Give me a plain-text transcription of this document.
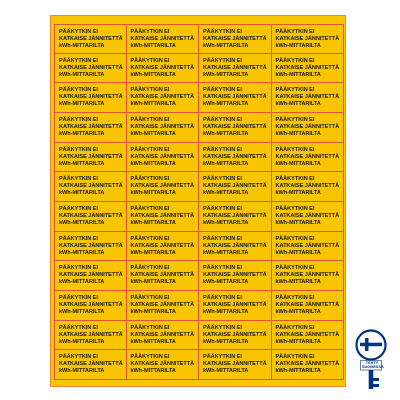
PÄÄKYTKIN EI
KATKAISE JÄNNITETTÄ
kWh-MITTARILTA
PÄÄKYTKIN EI
KATKAISE JÄNNITETTÄ
kWh-MITTARILTA
PÄÄKYTKIN EI
KATKAISE JÄNNITETTÄ
kWh-MITTARILTA
PÄÄKYTKIN EI
KATKAISE JÄNNITETTÄ
kWh-MITTARILTA
PÄÄKYTKIN EI
KATKAISE JÄNNITETTÄ
kWh-MITTARILTA
PÄÄKYTKIN EI
KATKAISE JÄNNITETTÄ
kWh-MITTARILTA
PÄÄKYTKIN EI
KATKAISE JÄNNITETTÄ
kWh-MITTARILTA
PÄÄKYTKIN EI
KATKAISE JÄNNITETTÄ
kWh-MITTARILTA
PÄÄKYTKIN EI
KATKAISE JÄNNITETTÄ
kWh-MITTARILTA
PÄÄKYTKIN EI
KATKAISE JÄNNITETTÄ
kWh-MITTARILTA
PÄÄKYTKIN EI
KATKAISE JÄNNITETTÄ
kWh-MITTARILTA
PÄÄKYTKIN EI
KATKAISE JÄNNITETTÄ
kWh-MITTARILTA
PÄÄKYTKIN EI
KATKAISE JÄNNITETTÄ
kWh-MITTARILTA
PÄÄKYTKIN EI
KATKAISE JÄNNITETTÄ
kWh-MITTARILTA
PÄÄKYTKIN EI
KATKAISE JÄNNITETTÄ
kWh-MITTARILTA
PÄÄKYTKIN EI
KATKAISE JÄNNITETTÄ
kWh-MITTARILTA
PÄÄKYTKIN EI
KATKAISE JÄNNITETTÄ
kWh-MITTARILTA
PÄÄKYTKIN EI
KATKAISE JÄNNITETTÄ
kWh-MITTARILTA
PÄÄKYTKIN EI
KATKAISE JÄNNITETTÄ
kWh-MITTARILTA
PÄÄKYTKIN EI
KATKAISE JÄNNITETTÄ
kWh-MITTARILTA
PÄÄKYTKIN EI
KATKAISE JÄNNITETTÄ
kWh-MITTARILTA
PÄÄKYTKIN EI
KATKAISE JÄNNITETTÄ
kWh-MITTARILTA
PÄÄKYTKIN EI
KATKAISE JÄNNITETTÄ
kWh-MITTARILTA
PÄÄKYTKIN EI
KATKAISE JÄNNITETTÄ
kWh-MITTARILTA
PÄÄKYTKIN EI
KATKAISE JÄNNITETTÄ
kWh-MITTARILTA
PÄÄKYTKIN EI
KATKAISE JÄNNITETTÄ
kWh-MITTARILTA
PÄÄKYTKIN EI
KATKAISE JÄNNITETTÄ
kWh-MITTARILTA
PÄÄKYTKIN EI
KATKAISE JÄNNITETTÄ
kWh-MITTARILTA
PÄÄKYTKIN EI
KATKAISE JÄNNITETTÄ
kWh-MITTARILTA
PÄÄKYTKIN EI
KATKAISE JÄNNITETTÄ
kWh-MITTARILTA
PÄÄKYTKIN EI
KATKAISE JÄNNITETTÄ
kWh-MITTARILTA
PÄÄKYTKIN EI
KATKAISE JÄNNITETTÄ
kWh-MITTARILTA
PÄÄKYTKIN EI
KATKAISE JÄNNITETTÄ
kWh-MITTARILTA
PÄÄKYTKIN EI
KATKAISE JÄNNITETTÄ
kWh-MITTARILTA
PÄÄKYTKIN EI
KATKAISE JÄNNITETTÄ
kWh-MITTARILTA
PÄÄKYTKIN EI
KATKAISE JÄNNITETTÄ
kWh-MITTARILTA
PÄÄKYTKIN EI
KATKAISE JÄNNITETTÄ
kWh-MITTARILTA
PÄÄKYTKIN EI
KATKAISE JÄNNITETTÄ
kWh-MITTARILTA
PÄÄKYTKIN EI
KATKAISE JÄNNITETTÄ
kWh-MITTARILTA
PÄÄKYTKIN EI
KATKAISE JÄNNITETTÄ
kWh-MITTARILTA
PÄÄKYTKIN EI
KATKAISE JÄNNITETTÄ
kWh-MITTARILTA
PÄÄKYTKIN EI
KATKAISE JÄNNITETTÄ
kWh-MITTARILTA
PÄÄKYTKIN EI
KATKAISE JÄNNITETTÄ
kWh-MITTARILTA
PÄÄKYTKIN EI
KATKAISE JÄNNITETTÄ
kWh-MITTARILTA
PÄÄKYTKIN EI
KATKAISE JÄNNITETTÄ
kWh-MITTARILTA
PÄÄKYTKIN EI
KATKAISE JÄNNITETTÄ
kWh-MITTARILTA
PÄÄKYTKIN EI
KATKAISE JÄNNITETTÄ
kWh-MITTARILTA
PÄÄKYTKIN EI
KATKAISE JÄNNITETTÄ
kWh-MITTARILTA
TEHTY
SUOMESSA
